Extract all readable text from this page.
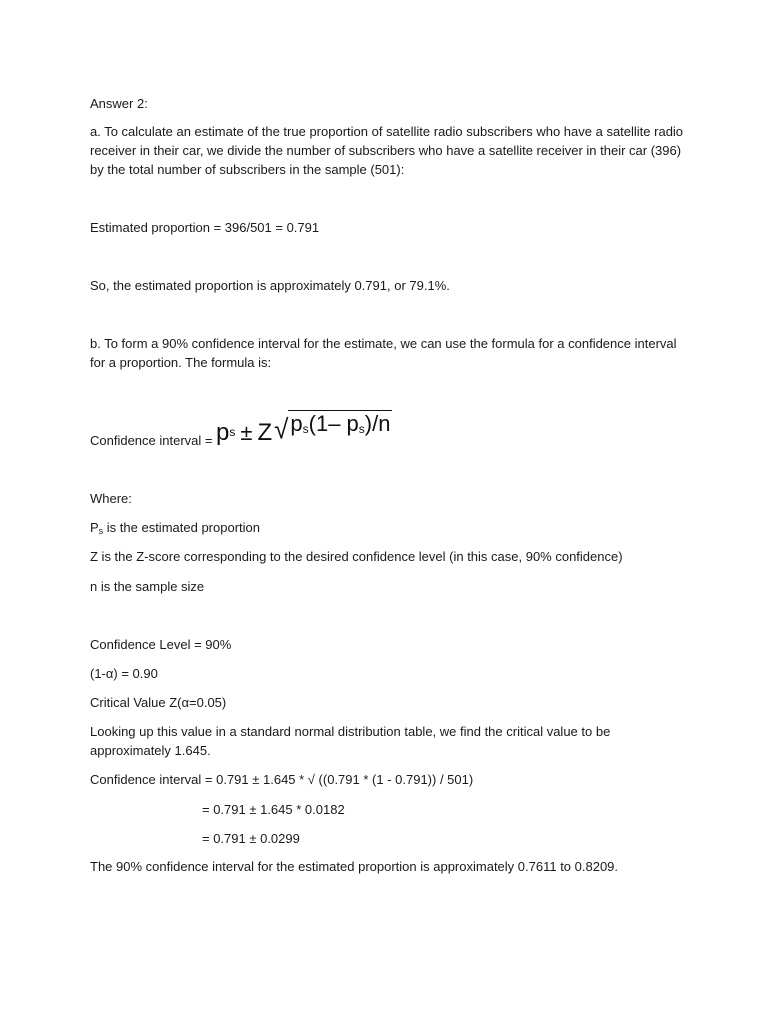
Answer 2:

a. To calculate an estimate of the true proportion of satellite radio subscribers who have a satellite radio
receiver in their car, we divide the number of subscribers who have a satellite receiver in their car (396)
by the total number of subscribers in the sample (501):

Estimated proportion = 396/501 = 0.791

So, the estimated proportion is approximately 0.791, or 79.1%.

b. To form a 90% confidence interval for the estimate, we can use the formula for a confidence interval
for a proportion. The formula is:

Confidence interval = p s ± Z √ $p_s(1-$ $p_s)/n$

Where:

Ps is the estimated proportion

Z is the Z-score corresponding to the desired confidence level (in this case, 90% confidence)

n is the sample size

Confidence Level = 90%

(1-α) = 0.90

Critical Value Z(α=0.05)

Looking up this value in a standard normal distribution table, we find the critical value to be
approximately 1.645.

Confidence interval = 0.791 ± 1.645 * √ ((0.791 * (1 - 0.791)) / 501)

= 0.791 ± 1.645 * 0.0182

= 0.791 ± 0.0299

The 90% confidence interval for the estimated proportion is approximately 0.7611 to 0.8209.
